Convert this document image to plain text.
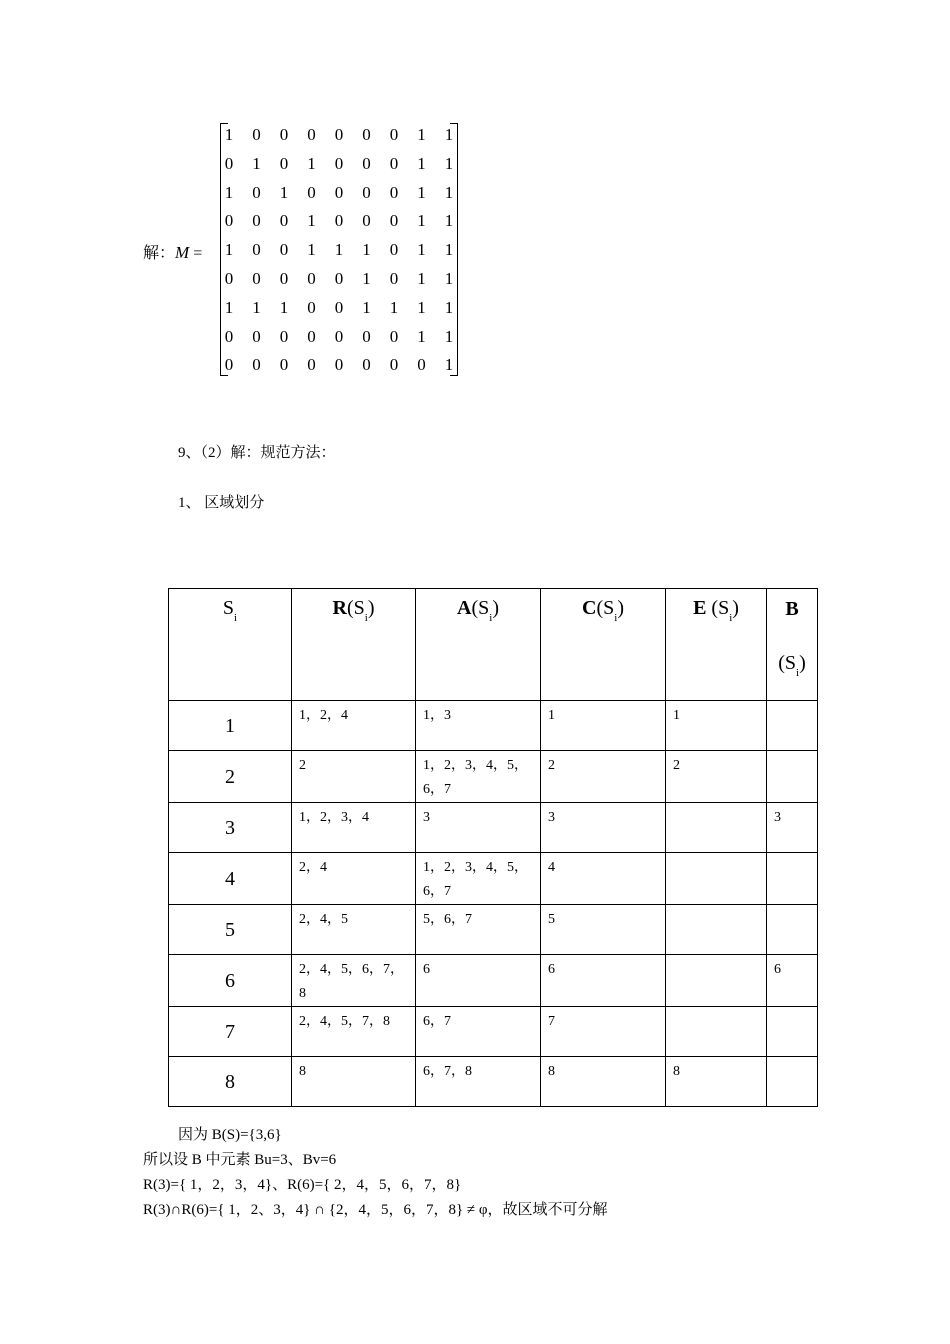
解：M =
1	0	0	0	0	0	0	1	1
0	1	0	1	0	0	0	1	1
1	0	1	0	0	0	0	1	1
0	0	0	1	0	0	0	1	1
1	0	0	1	1	1	0	1	1
0	0	0	0	0	1	0	1	1
1	1	1	0	0	1	1	1	1
0	0	0	0	0	0	0	1	1
0	0	0	0	0	0	0	0	1
9、（2）解：规范方法：
1、 区域划分
$S_i$	$R(S_i)$	$A(S_i)$	$C(S_i)$	E $(S_i)$	B
$(S_i)$
1	1，2，4	1，3	1	1	

2	2	1，2，3，4，5，6，7	2	2	

3	1，2，3，4	3	3		3

4	2，4	1，2，3，4，5，6，7	4		

5	2，4，5	5，6，7	5		

6	2，4，5，6，7，8	6	6		6

7	2，4，5，7，8	6，7	7		

8	8	6，7，8	8	8	

因为 B(S)={3,6}
所以设 B 中元素 Bu=3、Bv=6
R(3)={ 1，2，3，4}、R(6)={ 2，4，5，6，7，8}
R(3)∩R(6)={ 1，2、3，4} ∩ {2，4，5，6，7，8} ≠ φ，故区域不可分解
